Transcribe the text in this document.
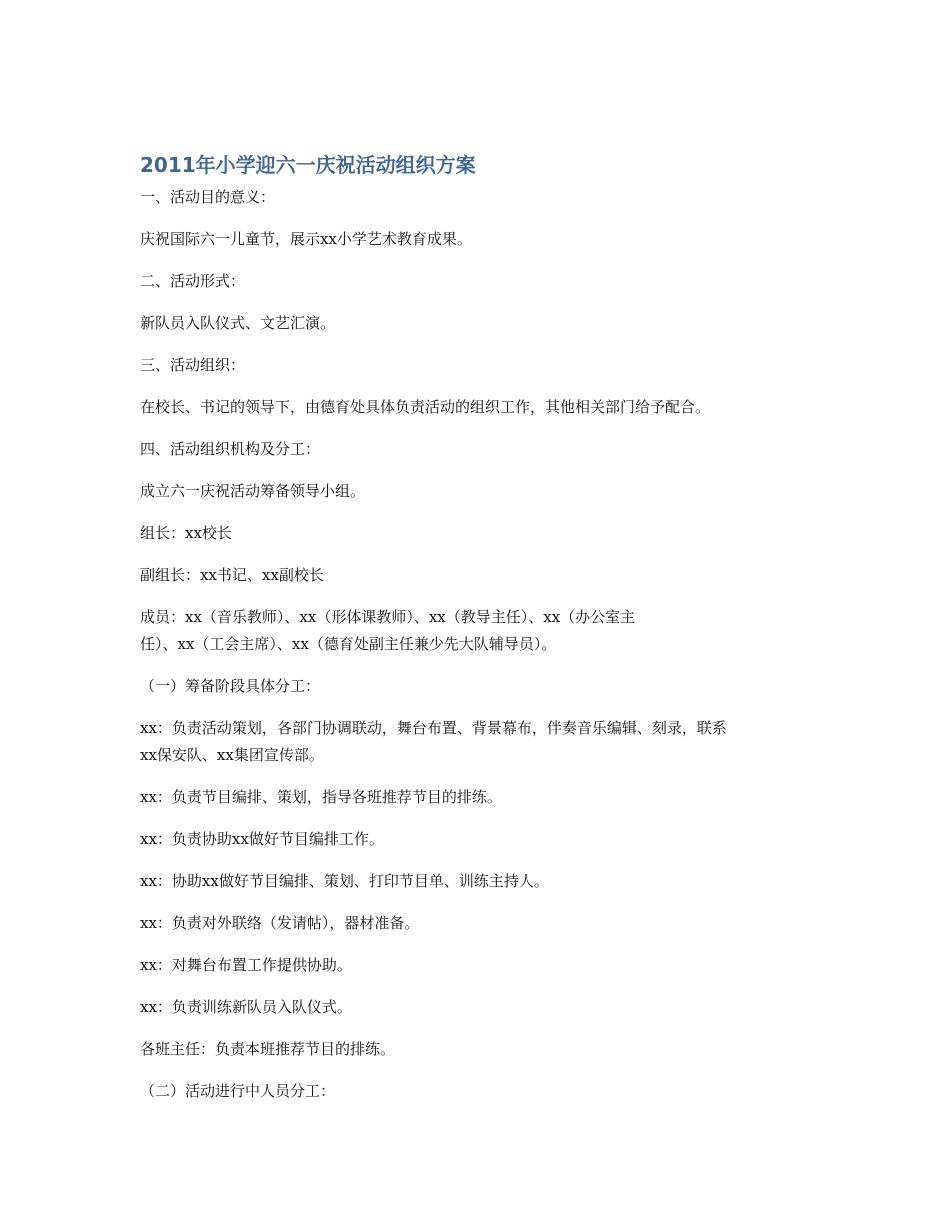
2011年小学迎六一庆祝活动组织方案

一、活动目的意义：

庆祝国际六一儿童节，展示xx小学艺术教育成果。

二、活动形式：

新队员入队仪式、文艺汇演。

三、活动组织：

在校长、书记的领导下，由德育处具体负责活动的组织工作，其他相关部门给予配合。

四、活动组织机构及分工：

成立六一庆祝活动筹备领导小组。

组长：xx校长

副组长：xx书记、xx副校长

成员：xx（音乐教师）、xx（形体课教师）、xx（教导主任）、xx（办公室主
任）、xx（工会主席）、xx（德育处副主任兼少先大队辅导员）。

（一）筹备阶段具体分工：

xx：负责活动策划，各部门协调联动，舞台布置、背景幕布，伴奏音乐编辑、刻录，联系
xx保安队、xx集团宣传部。

xx：负责节目编排、策划，指导各班推荐节目的排练。

xx：负责协助xx做好节目编排工作。

xx：协助xx做好节目编排、策划、打印节目单、训练主持人。

xx：负责对外联络（发请帖），器材准备。

xx：对舞台布置工作提供协助。

xx：负责训练新队员入队仪式。

各班主任：负责本班推荐节目的排练。

（二）活动进行中人员分工：
